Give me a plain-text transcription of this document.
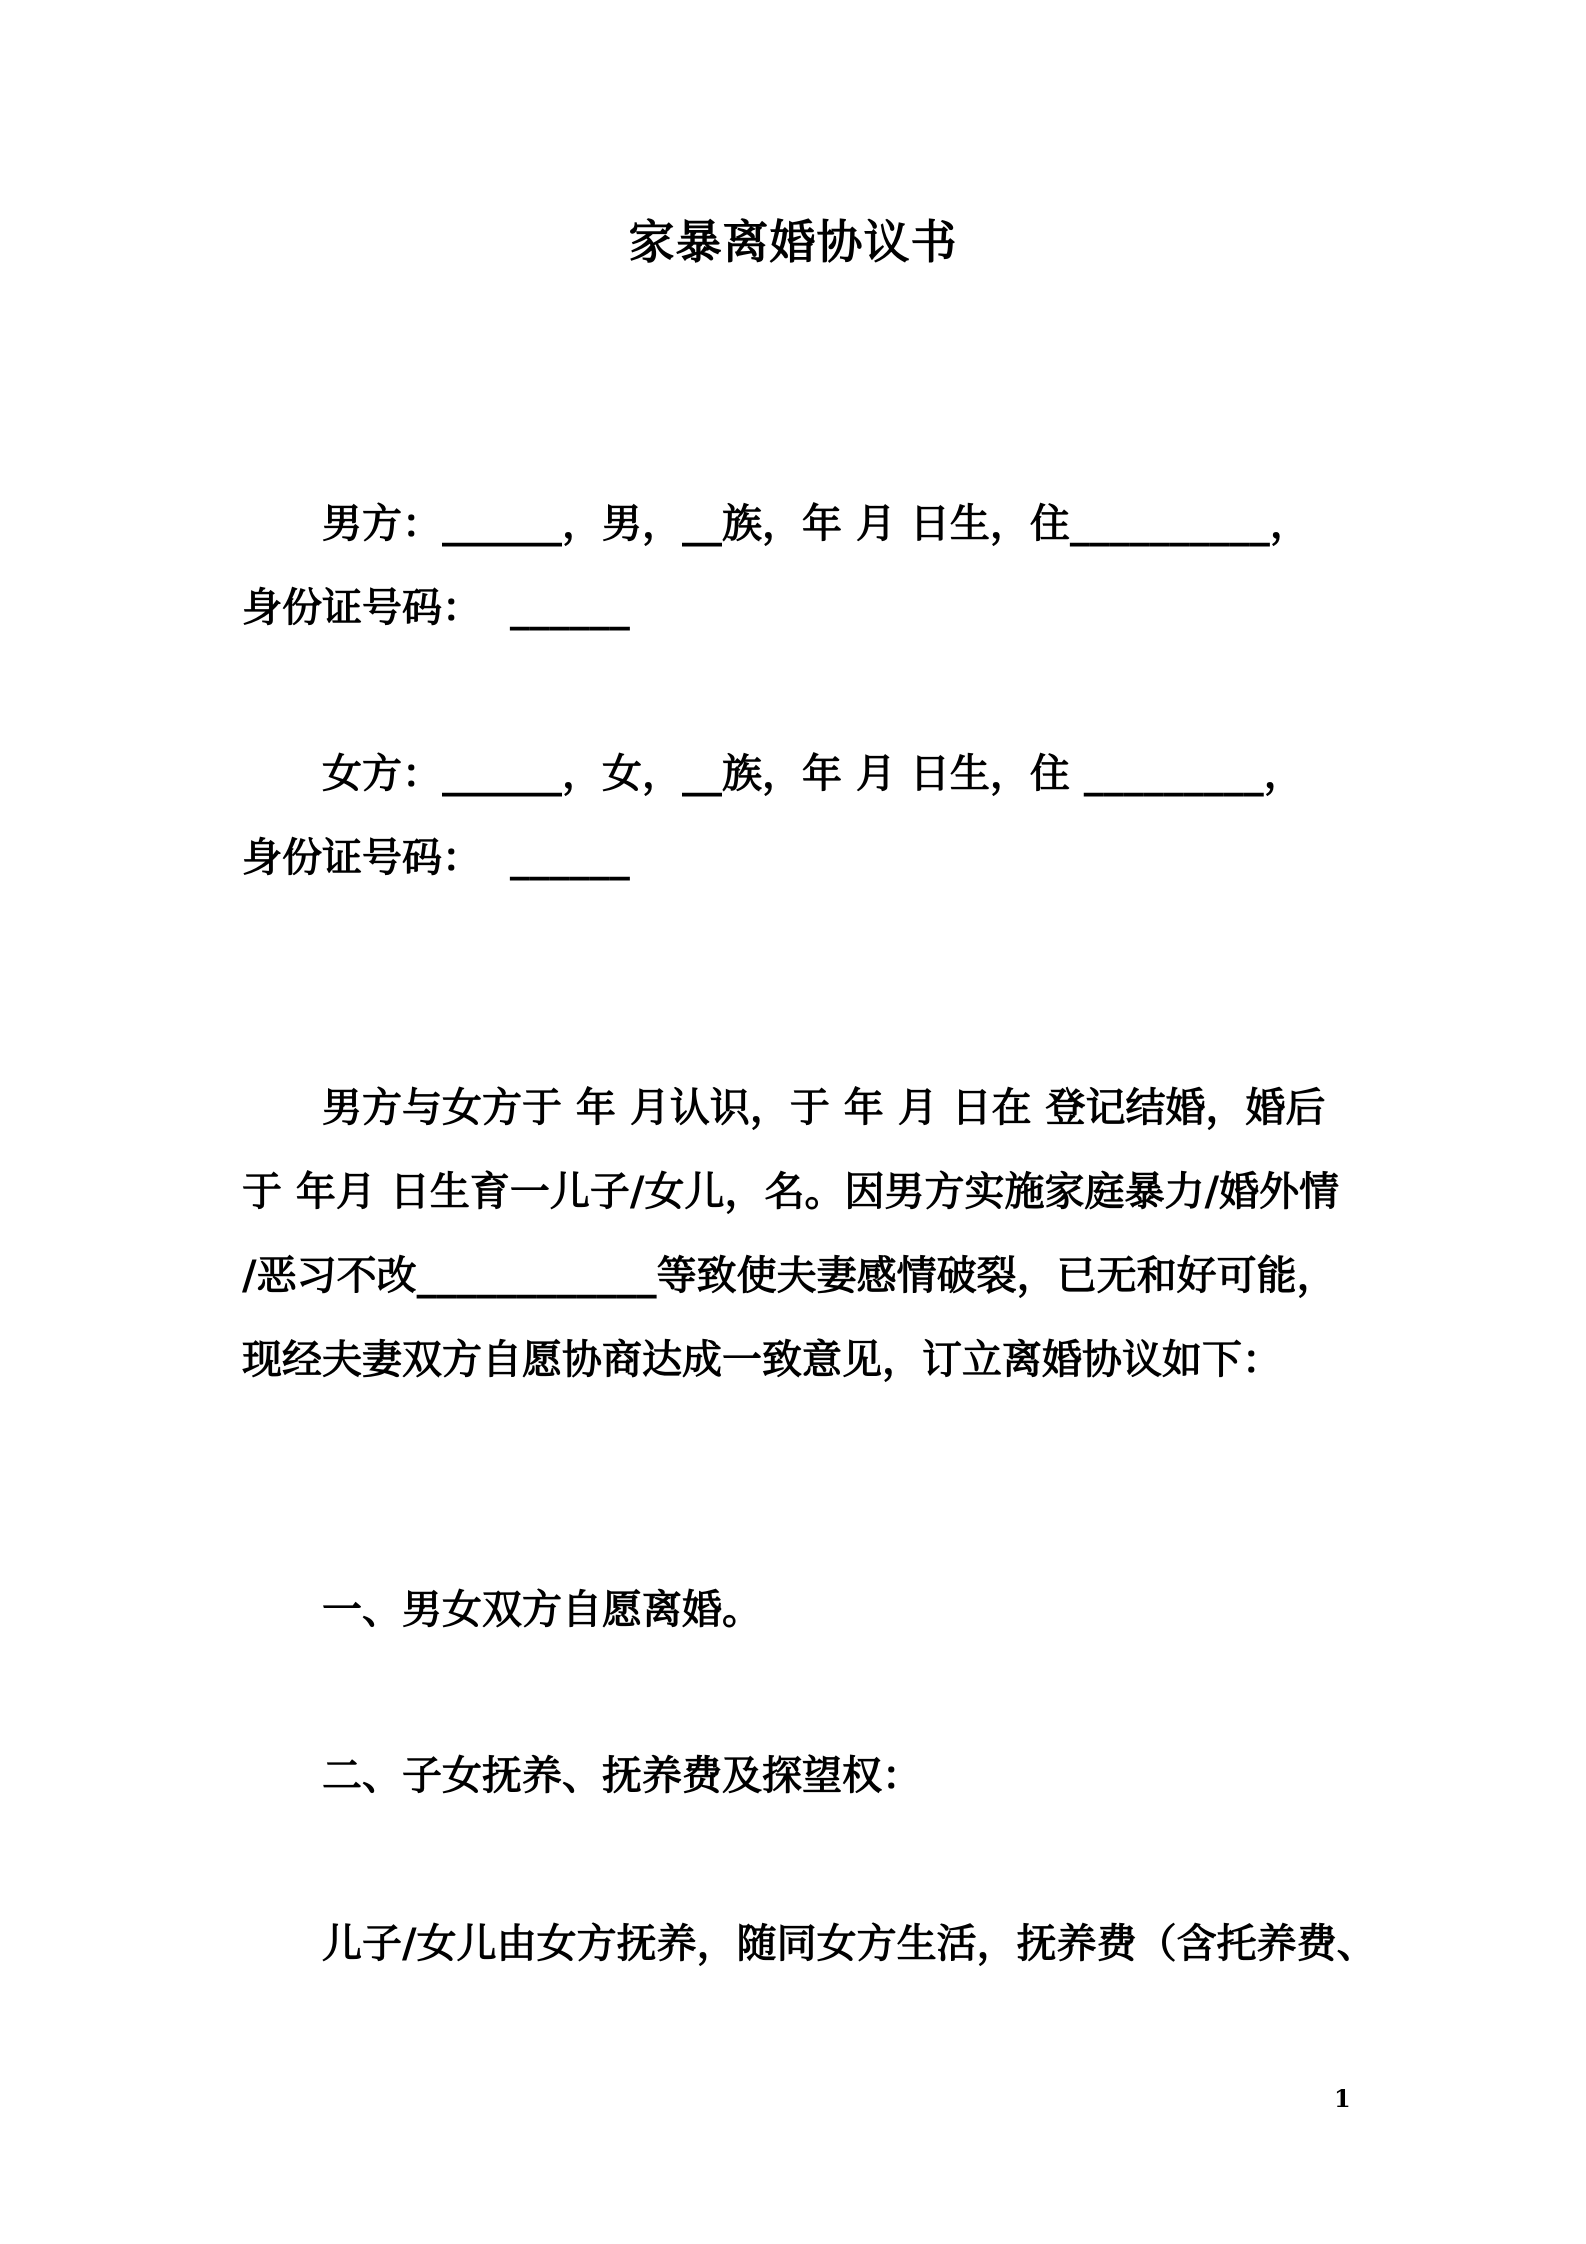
家暴离婚协议书
男方：______，男，__族，年 月 日生，住__________，
身份证号码：  ______
女方：______，女，__族，年 月 日生，住 _________，
身份证号码：  ______
男方与女方于 年 月认识，于 年 月 日在 登记结婚，婚后
于 年月 日生育一儿子/女儿，名。因男方实施家庭暴力/婚外情
/恶习不改____________等致使夫妻感情破裂，已无和好可能，
现经夫妻双方自愿协商达成一致意见，订立离婚协议如下：
一、男女双方自愿离婚。
二、子女抚养、抚养费及探望权：
儿子/女儿由女方抚养，随同女方生活，抚养费（含托养费、
1
